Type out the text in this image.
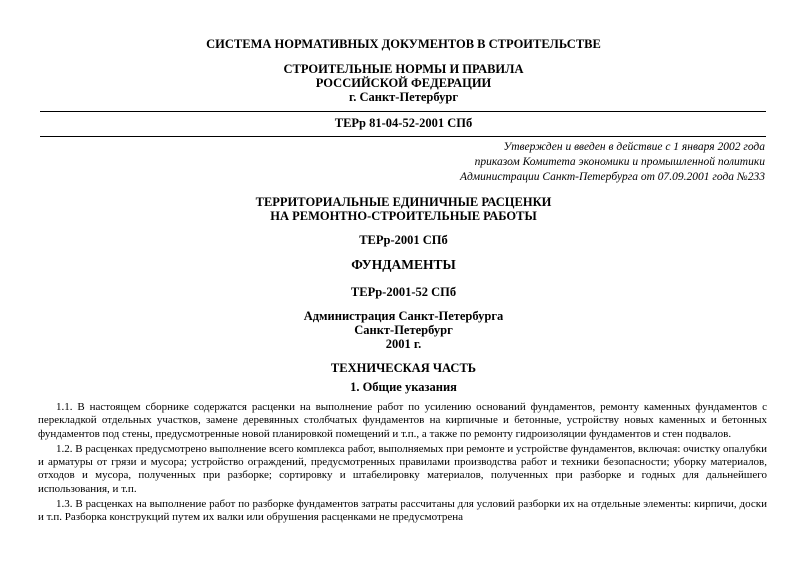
СИСТЕМА НОРМАТИВНЫХ ДОКУМЕНТОВ В СТРОИТЕЛЬСТВЕ
СТРОИТЕЛЬНЫЕ НОРМЫ И ПРАВИЛА
РОССИЙСКОЙ ФЕДЕРАЦИИ
г. Санкт-Петербург
ТЕРр 81-04-52-2001 СПб
Утвержден и введен в действие с 1 января 2002 года
приказом Комитета экономики и промышленной политики
Администрации Санкт-Петербурга от 07.09.2001 года №233
ТЕРРИТОРИАЛЬНЫЕ ЕДИНИЧНЫЕ РАСЦЕНКИ
НА РЕМОНТНО-СТРОИТЕЛЬНЫЕ РАБОТЫ
ТЕРр-2001 СПб
ФУНДАМЕНТЫ
ТЕРр-2001-52 СПб
Администрация Санкт-Петербурга
Санкт-Петербург
2001 г.
ТЕХНИЧЕСКАЯ ЧАСТЬ
1. Общие указания

1.1. В настоящем сборнике содержатся расценки на выполнение работ по усилению оснований фундаментов, ремонту каменных фундаментов с перекладкой отдельных участков, замене деревянных столбчатых фундаментов на кирпичные и бетонные, устройству новых каменных и бетонных фундаментов под стены, предусмотренные новой планировкой помещений и т.п., а также по ремонту гидроизоляции фундаментов и стен подвалов.

1.2. В расценках предусмотрено выполнение всего комплекса работ, выполняемых при ремонте и устройстве фундаментов, включая: очистку опалубки и арматуры от грязи и мусора; устройство ограждений, предусмотренных правилами производства работ и техники безопасности; уборку материалов, отходов и мусора, полученных при разборке; сортировку и штабелировку материалов, полученных при разборке и годных для дальнейшего использования, и т.п.

1.3. В расценках на выполнение работ по разборке фундаментов затраты рассчитаны для условий разборки их на отдельные элементы: кирпичи, доски и т.п. Разборка конструкций путем их валки или обрушения расценками не предусмотрена
